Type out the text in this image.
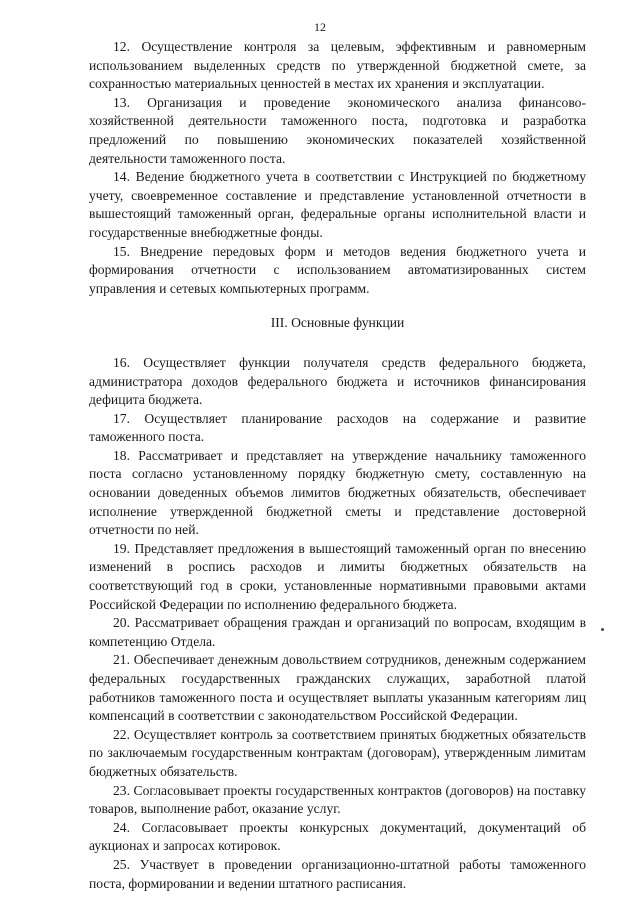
12

12. Осуществление контроля за целевым, эффективным и равномерным использованием выделенных средств по утвержденной бюджетной смете, за сохранностью материальных ценностей в местах их хранения и эксплуатации.

13. Организация и проведение экономического анализа финансово-хозяйственной деятельности таможенного поста, подготовка и разработка предложений по повышению экономических показателей хозяйственной деятельности таможенного поста.

14. Ведение бюджетного учета в соответствии с Инструкцией по бюджетному учету, своевременное составление и представление установленной отчетности в вышестоящий таможенный орган, федеральные органы исполнительной власти и государственные внебюджетные фонды.

15. Внедрение передовых форм и методов ведения бюджетного учета и формирования отчетности с использованием автоматизированных систем управления и сетевых компьютерных программ.

III. Основные функции

16. Осуществляет функции получателя средств федерального бюджета, администратора доходов федерального бюджета и источников финансирования дефицита бюджета.

17. Осуществляет планирование расходов на содержание и развитие таможенного поста.

18. Рассматривает и представляет на утверждение начальнику таможенного поста согласно установленному порядку бюджетную смету, составленную на основании доведенных объемов лимитов бюджетных обязательств, обеспечивает исполнение утвержденной бюджетной сметы и представление достоверной отчетности по ней.

19. Представляет предложения в вышестоящий таможенный орган по внесению изменений в роспись расходов и лимиты бюджетных обязательств на соответствующий год в сроки, установленные нормативными правовыми актами Российской Федерации по исполнению федерального бюджета.

20. Рассматривает обращения граждан и организаций по вопросам, входящим в компетенцию Отдела.

21. Обеспечивает денежным довольствием сотрудников, денежным содержанием федеральных государственных гражданских служащих, заработной платой работников таможенного поста и осуществляет выплаты указанным категориям лиц компенсаций в соответствии с законодательством Российской Федерации.

22. Осуществляет контроль за соответствием принятых бюджетных обязательств по заключаемым государственным контрактам (договорам), утвержденным лимитам бюджетных обязательств.

23. Согласовывает проекты государственных контрактов (договоров) на поставку товаров, выполнение работ, оказание услуг.

24. Согласовывает проекты конкурсных документаций, документаций об аукционах и запросах котировок.

25. Участвует в проведении организационно-штатной работы таможенного поста, формировании и ведении штатного расписания.
